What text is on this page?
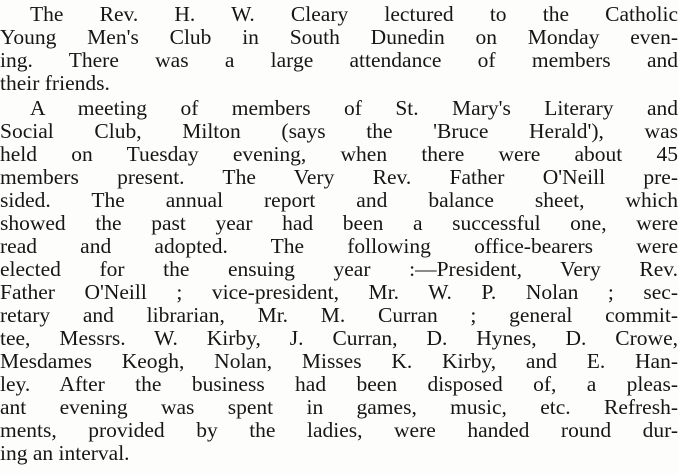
The Rev. H. W. Cleary lectured to the Catholic
Young Men's Club in South Dunedin on Monday even-
ing. There was a large attendance of members and
their friends.
A meeting of members of St. Mary's Literary and
Social Club, Milton (says the 'Bruce Herald'), was
held on Tuesday evening, when there were about 45
members present. The Very Rev. Father O'Neill pre-
sided. The annual report and balance sheet, which
showed the past year had been a successful one, were
read and adopted. The following office-bearers were
elected for the ensuing year :—President, Very Rev.
Father O'Neill ; vice-president, Mr. W. P. Nolan ; sec-
retary and librarian, Mr. M. Curran ; general commit-
tee, Messrs. W. Kirby, J. Curran, D. Hynes, D. Crowe,
Mesdames Keogh, Nolan, Misses K. Kirby, and E. Han-
ley. After the business had been disposed of, a pleas-
ant evening was spent in games, music, etc. Refresh-
ments, provided by the ladies, were handed round dur-
ing an interval.
